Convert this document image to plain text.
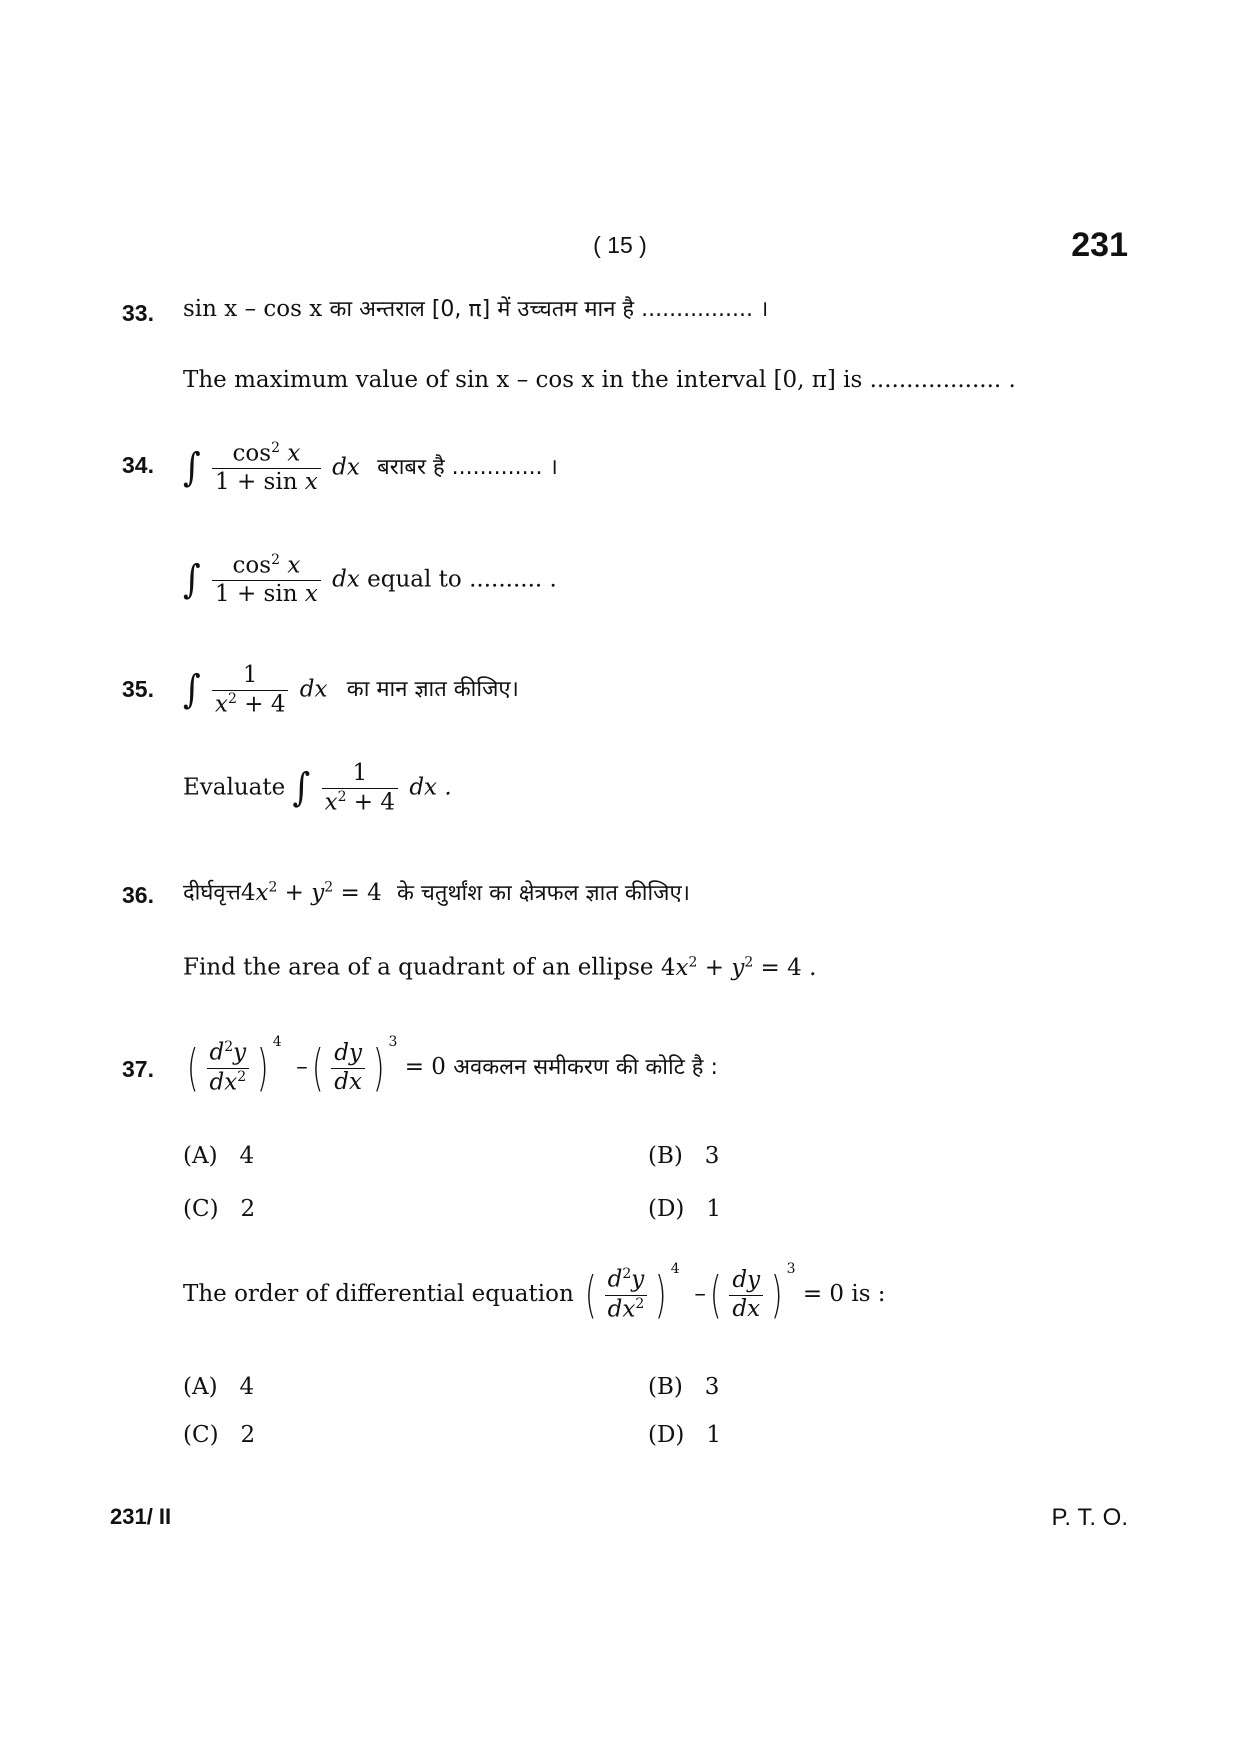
( 15 )	231
33. sin x – cos x का अन्तराल [0, π] में उच्चतम मान है ................ ।
The maximum value of sin x – cos x in the interval [0, π] is .................. .
34. ∫ $\frac{\cos^2 x}{\text{1 + sin x}}$ dx बराबर है ............. ।
∫ $\frac{\cos^2 x}{\text{1 + sin x}}$ dx equal to .......... .
35. ∫ $\frac{1}{x^2 + 4}$ dx का मान ज्ञात कीजिए।
Evaluate ∫ $\frac{1}{x^2 + 4}$ dx .
36. $दीर्घवृत्त4x^2 + y^2 = 4$ के चतुर्थांश का क्षेत्रफल ज्ञात कीजिए।
Find the area of a quadrant of an ellipse $4x^2 + y^2 = 4$ .
37. ( $\frac{d^2y}{dx^2}$ ) $^4$  –( $\frac{dy}{dx}$ ) $^3$ = 0 अवकलन समीकरण की कोटि है :
(A) 4	(B) 3
(C) 2	(D) 1
The order of differential equation ( $\frac{d^2y}{dx^2}$ ) $^4$  –( $\frac{dy}{dx}$ ) $^3$ = 0 is :
(A) 4	(B) 3
(C) 2	(D) 1
231/ II	P. T. O.
